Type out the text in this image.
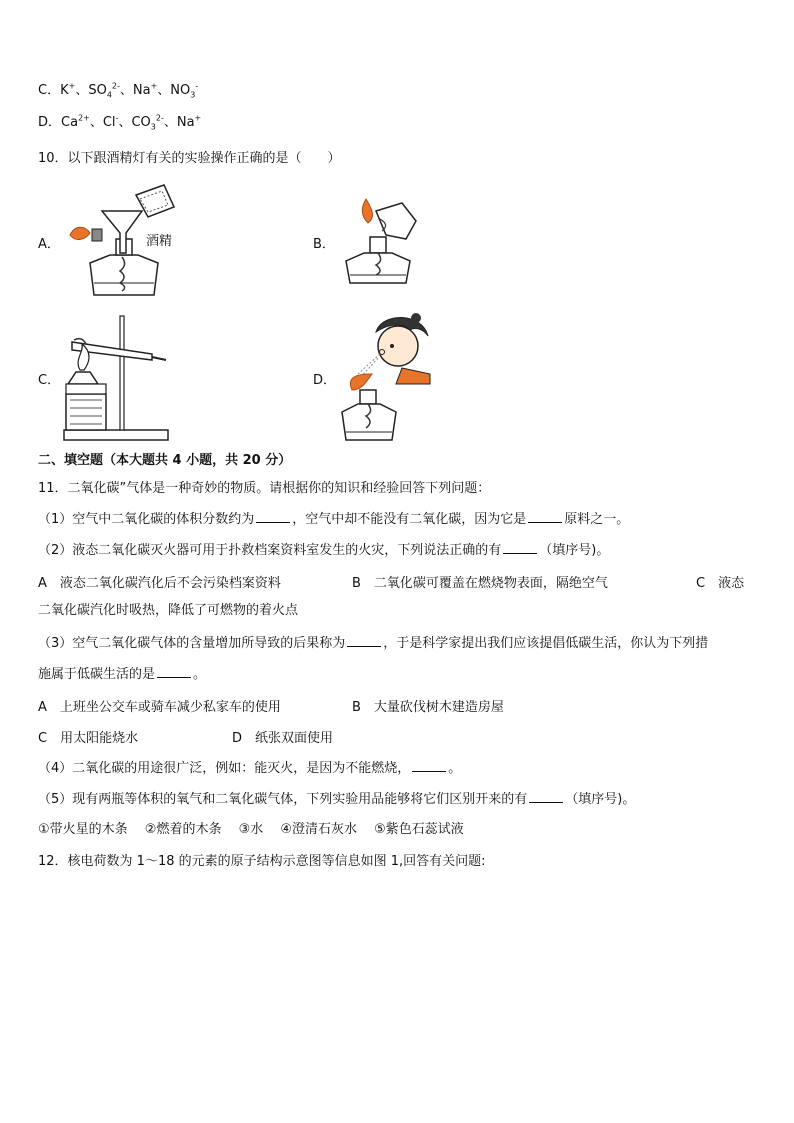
C．K+、$SO_4^{2-}$、Na+、$NO_3^-$
D．$Ca^{2+}$、Cl-、$CO_3^{2-}$、Na+
10．以下跟酒精灯有关的实验操作正确的是（　　）
A．	酒精	B．
C．	D．
二、填空题（本大题共 4 小题，共 20 分）
11．二氧化碳”气体是一种奇妙的物质。请根据你的知识和经验回答下列问题：
（1）空气中二氧化碳的体积分数约为	，空气中却不能没有二氧化碳，因为它是	原料之一。
（2）液态二氧化碳灭火器可用于扑救档案资料室发生的火灾，下列说法正确的有	（填序号)。
A　液态二氧化碳汽化后不会污染档案资料	B　二氧化碳可覆盖在燃烧物表面，隔绝空气	C　液态
二氧化碳汽化时吸热，降低了可燃物的着火点
（3）空气二氧化碳气体的含量增加所导致的后果称为	，于是科学家提出我们应该提倡低碳生活，你认为下列措
施属于低碳生活的是	。
A　上班坐公交车或骑车减少私家车的使用	B　大量砍伐树木建造房屋
C　用太阳能烧水	D　纸张双面使用
（4）二氧化碳的用途很广泛，例如：能灭火，是因为不能燃烧，	。
（5）现有两瓶等体积的氧气和二氧化碳气体，下列实验用品能够将它们区别开来的有	（填序号)。
①带火星的木条　 ②燃着的木条　 ③水　 ④澄清石灰水　 ⑤紫色石蕊试液
12．核电荷数为 1～18 的元素的原子结构示意图等信息如图 1,回答有关问题:
